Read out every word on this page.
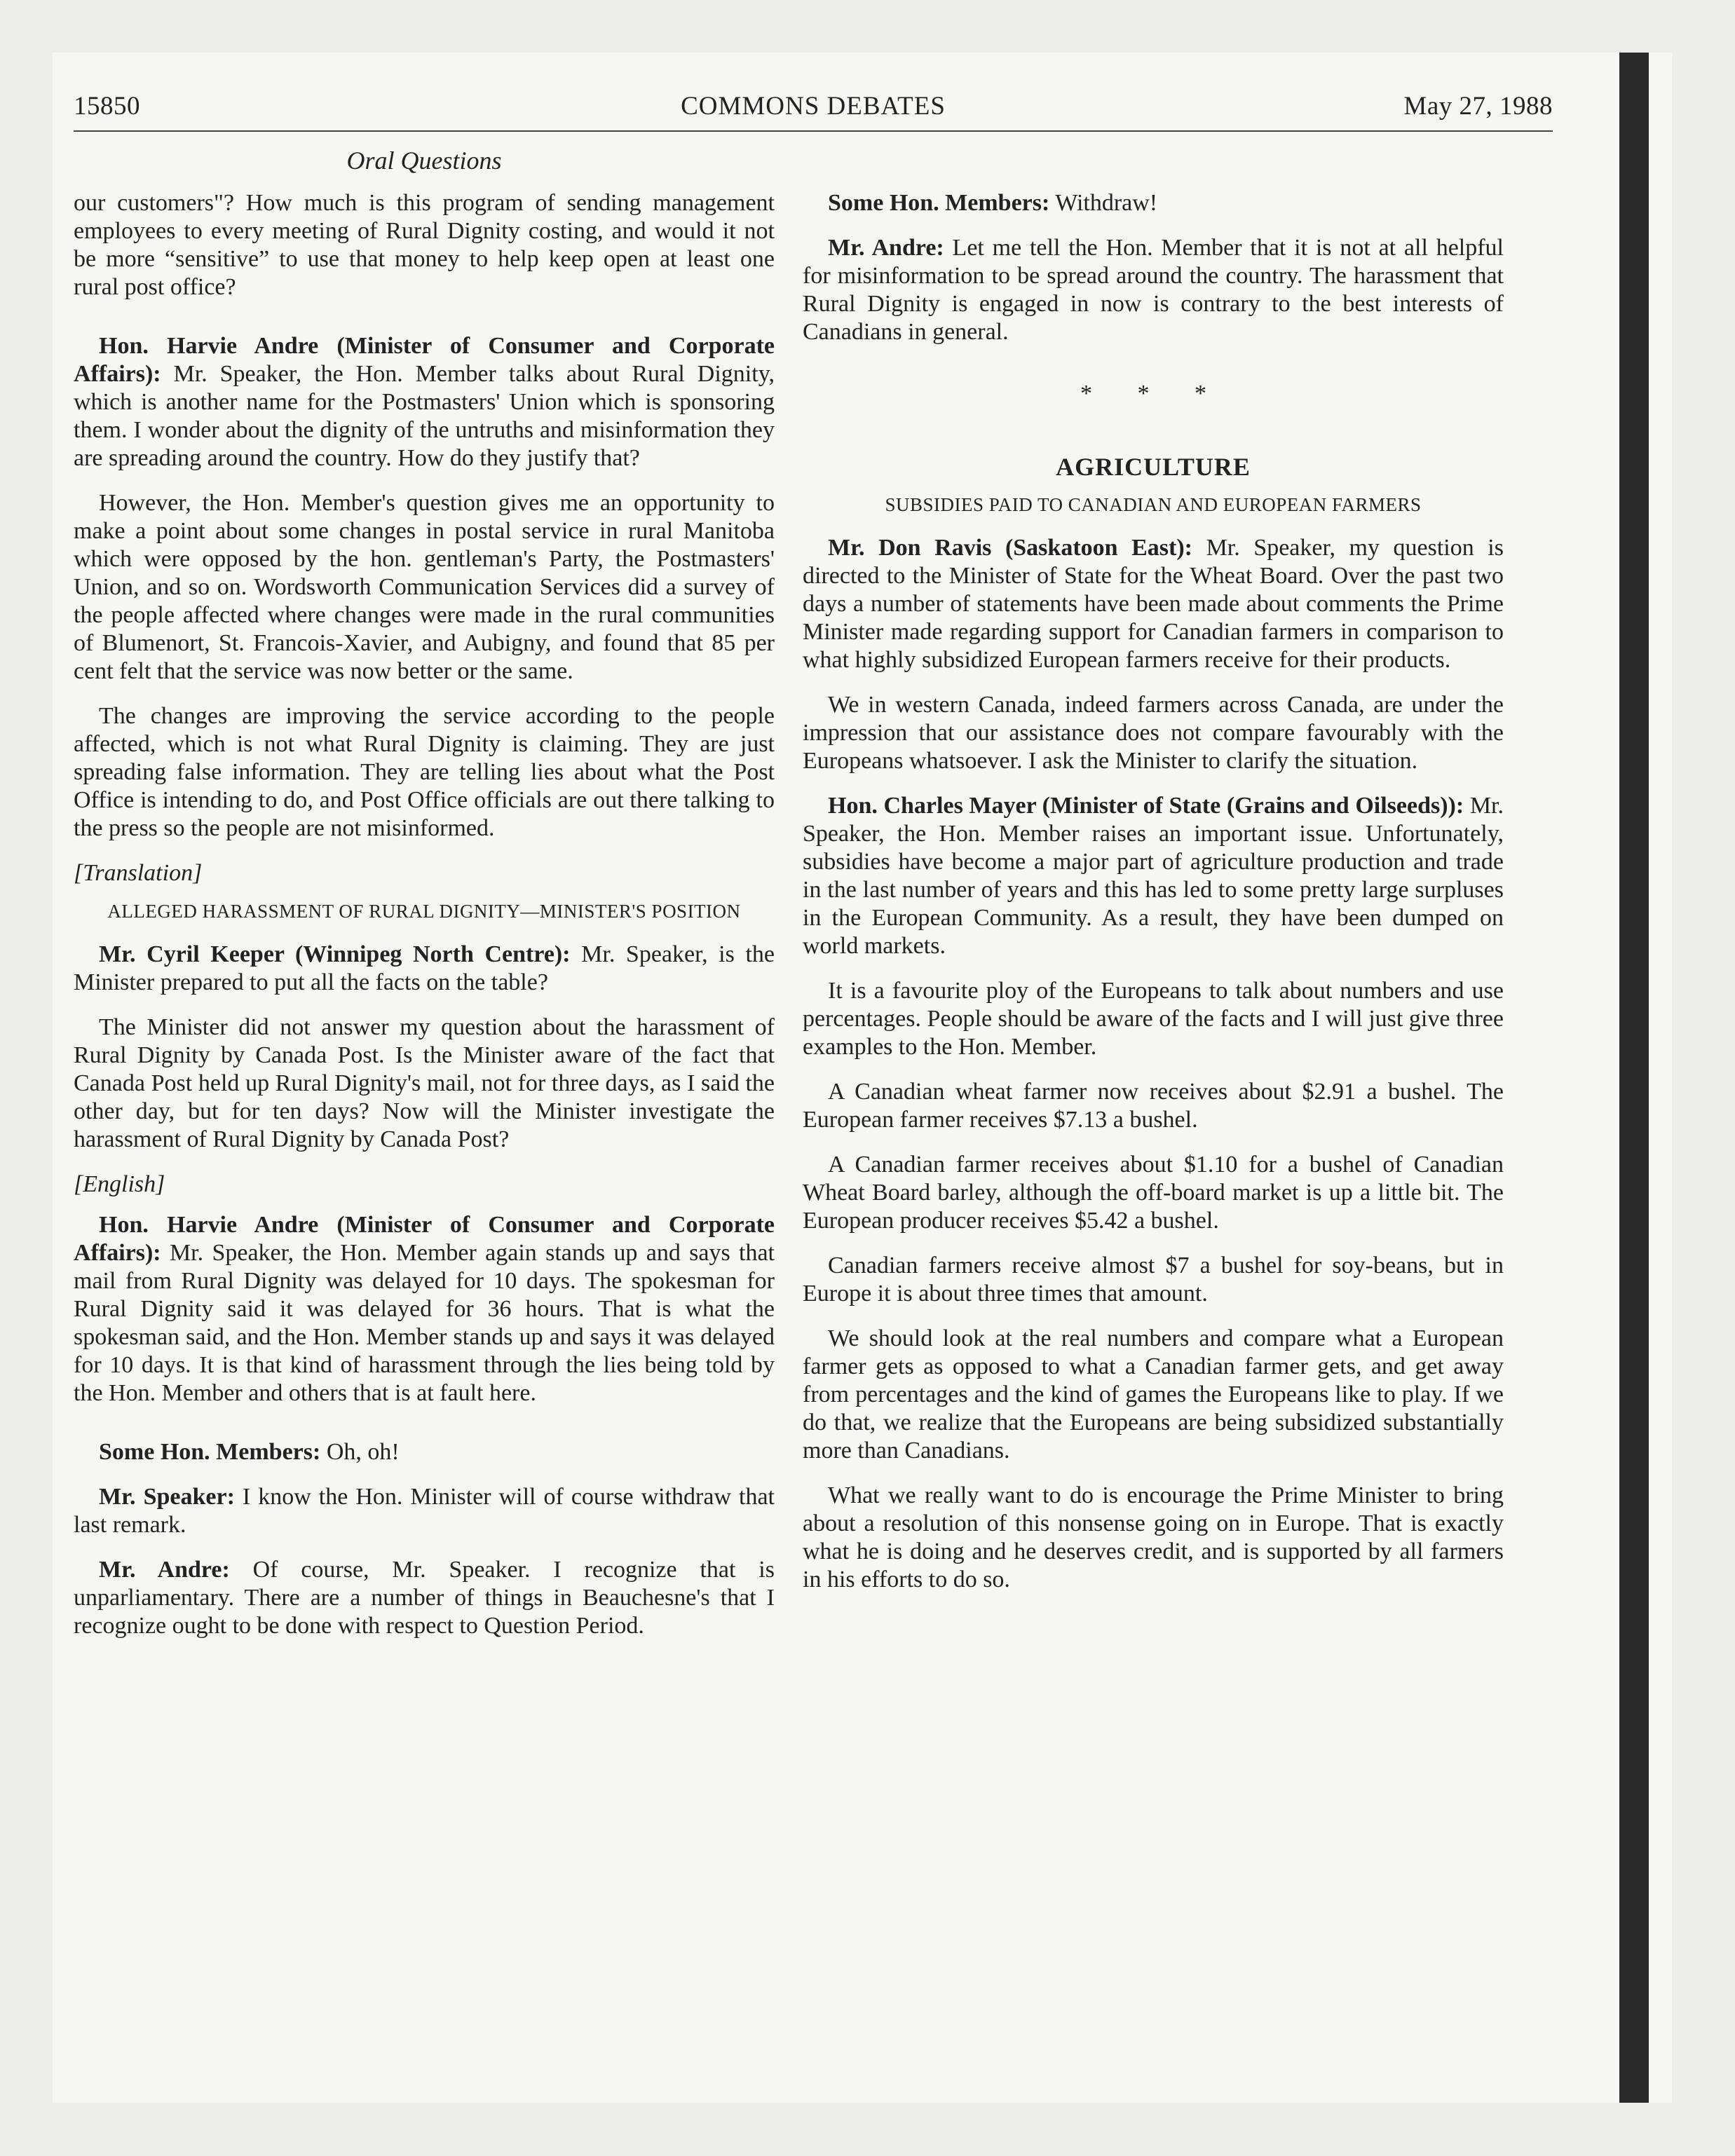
15850	COMMONS DEBATES	May 27, 1988
Oral Questions

our customers"? How much is this program of sending management employees to every meeting of Rural Dignity costing, and would it not be more “sensitive” to use that money to help keep open at least one rural post office?

Hon. Harvie Andre (Minister of Consumer and Corporate Affairs): Mr. Speaker, the Hon. Member talks about Rural Dignity, which is another name for the Postmasters' Union which is sponsoring them. I wonder about the dignity of the untruths and misinformation they are spreading around the country. How do they justify that?

However, the Hon. Member's question gives me an opportunity to make a point about some changes in postal service in rural Manitoba which were opposed by the hon. gentleman's Party, the Postmasters' Union, and so on. Wordsworth Communication Services did a survey of the people affected where changes were made in the rural communities of Blumenort, St. Francois-Xavier, and Aubigny, and found that 85 per cent felt that the service was now better or the same.

The changes are improving the service according to the people affected, which is not what Rural Dignity is claiming. They are just spreading false information. They are telling lies about what the Post Office is intending to do, and Post Office officials are out there talking to the press so the people are not misinformed.

[Translation]
ALLEGED HARASSMENT OF RURAL DIGNITY—MINISTER'S POSITION

Mr. Cyril Keeper (Winnipeg North Centre): Mr. Speaker, is the Minister prepared to put all the facts on the table?

The Minister did not answer my question about the harassment of Rural Dignity by Canada Post. Is the Minister aware of the fact that Canada Post held up Rural Dignity's mail, not for three days, as I said the other day, but for ten days? Now will the Minister investigate the harassment of Rural Dignity by Canada Post?

[English]

Hon. Harvie Andre (Minister of Consumer and Corporate Affairs): Mr. Speaker, the Hon. Member again stands up and says that mail from Rural Dignity was delayed for 10 days. The spokesman for Rural Dignity said it was delayed for 36 hours. That is what the spokesman said, and the Hon. Member stands up and says it was delayed for 10 days. It is that kind of harassment through the lies being told by the Hon. Member and others that is at fault here.

Some Hon. Members: Oh, oh!

Mr. Speaker: I know the Hon. Minister will of course withdraw that last remark.

Mr. Andre: Of course, Mr. Speaker. I recognize that is unparliamentary. There are a number of things in Beauchesne's that I recognize ought to be done with respect to Question Period.

Some Hon. Members: Withdraw!

Mr. Andre: Let me tell the Hon. Member that it is not at all helpful for misinformation to be spread around the country. The harassment that Rural Dignity is engaged in now is contrary to the best interests of Canadians in general.

* * *
AGRICULTURE
SUBSIDIES PAID TO CANADIAN AND EUROPEAN FARMERS

Mr. Don Ravis (Saskatoon East): Mr. Speaker, my question is directed to the Minister of State for the Wheat Board. Over the past two days a number of statements have been made about comments the Prime Minister made regarding support for Canadian farmers in comparison to what highly subsidized European farmers receive for their products.

We in western Canada, indeed farmers across Canada, are under the impression that our assistance does not compare favourably with the Europeans whatsoever. I ask the Minister to clarify the situation.

Hon. Charles Mayer (Minister of State (Grains and Oilseeds)): Mr. Speaker, the Hon. Member raises an important issue. Unfortunately, subsidies have become a major part of agriculture production and trade in the last number of years and this has led to some pretty large surpluses in the European Community. As a result, they have been dumped on world markets.

It is a favourite ploy of the Europeans to talk about numbers and use percentages. People should be aware of the facts and I will just give three examples to the Hon. Member.

A Canadian wheat farmer now receives about $2.91 a bushel. The European farmer receives $7.13 a bushel.

A Canadian farmer receives about $1.10 for a bushel of Canadian Wheat Board barley, although the off-board market is up a little bit. The European producer receives $5.42 a bushel.

Canadian farmers receive almost $7 a bushel for soy-beans, but in Europe it is about three times that amount.

We should look at the real numbers and compare what a European farmer gets as opposed to what a Canadian farmer gets, and get away from percentages and the kind of games the Europeans like to play. If we do that, we realize that the Europeans are being subsidized substantially more than Canadians.

What we really want to do is encourage the Prime Minister to bring about a resolution of this nonsense going on in Europe. That is exactly what he is doing and he deserves credit, and is supported by all farmers in his efforts to do so.
